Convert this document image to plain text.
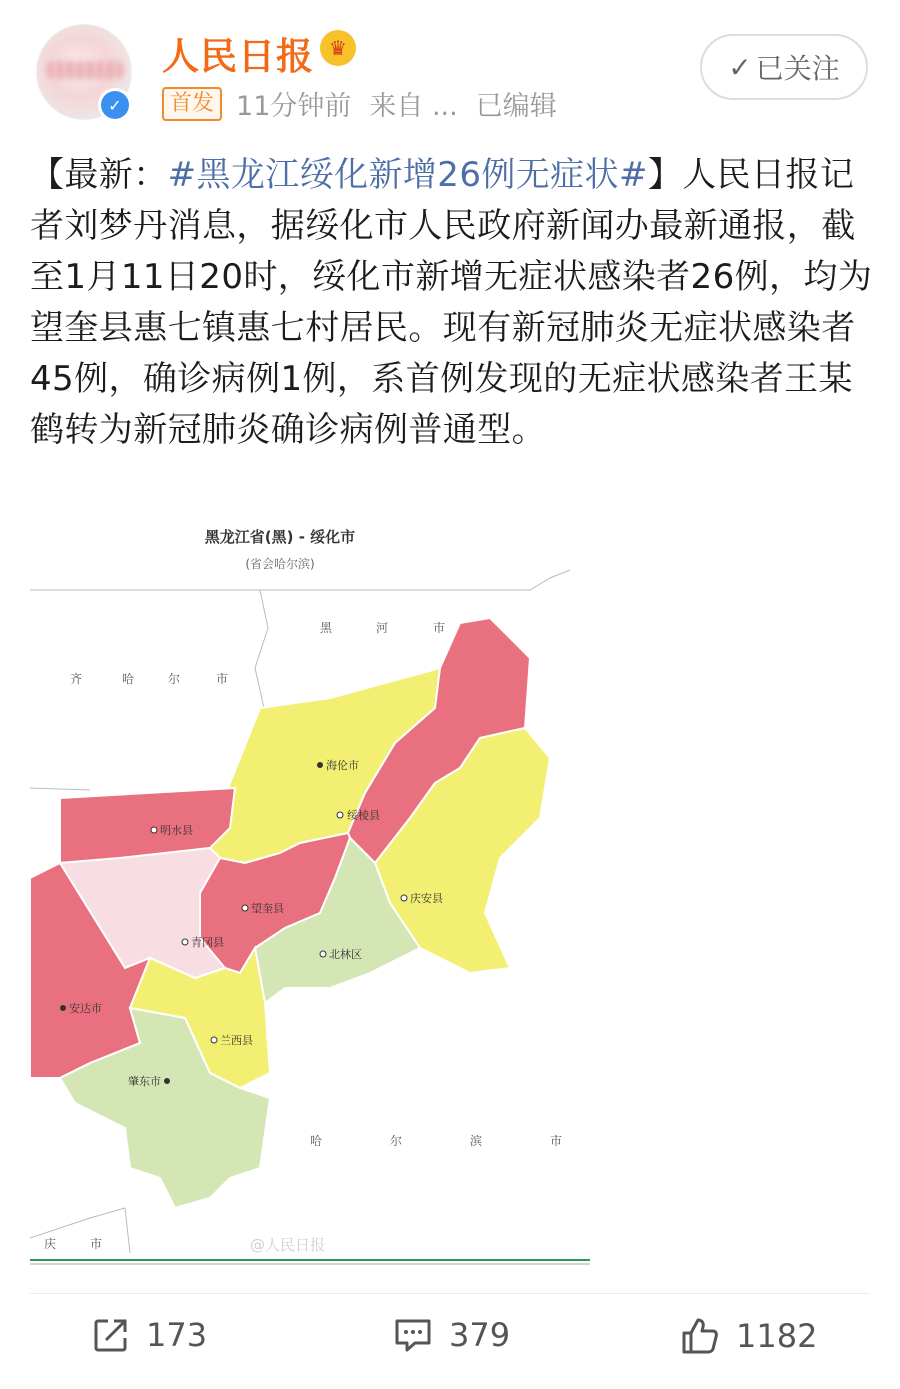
✓
人民日报 ♛
首发 11分钟前 来自 ... 已编辑
✓ 已关注
【最新：#黑龙江绥化新增26例无症状#】人民日报记者刘梦丹消息，据绥化市人民政府新闻办最新通报，截至1月11日20时，绥化市新增无症状感染者26例，均为望奎县惠七镇惠七村居民。现有新冠肺炎无症状感染者45例，确诊病例1例，系首例发现的无症状感染者王某鹤转为新冠肺炎确诊病例普通型。
黑龙江省(黑) - 绥化市
(省会哈尔滨)
黑	河	市
齐	哈	尔	市
哈	尔	滨	市
庆	市
海伦市
绥棱县
明水县
望奎县
庆安县
青冈县
北林区
安达市
兰西县
肇东市
@人民日报
173	379	1182
